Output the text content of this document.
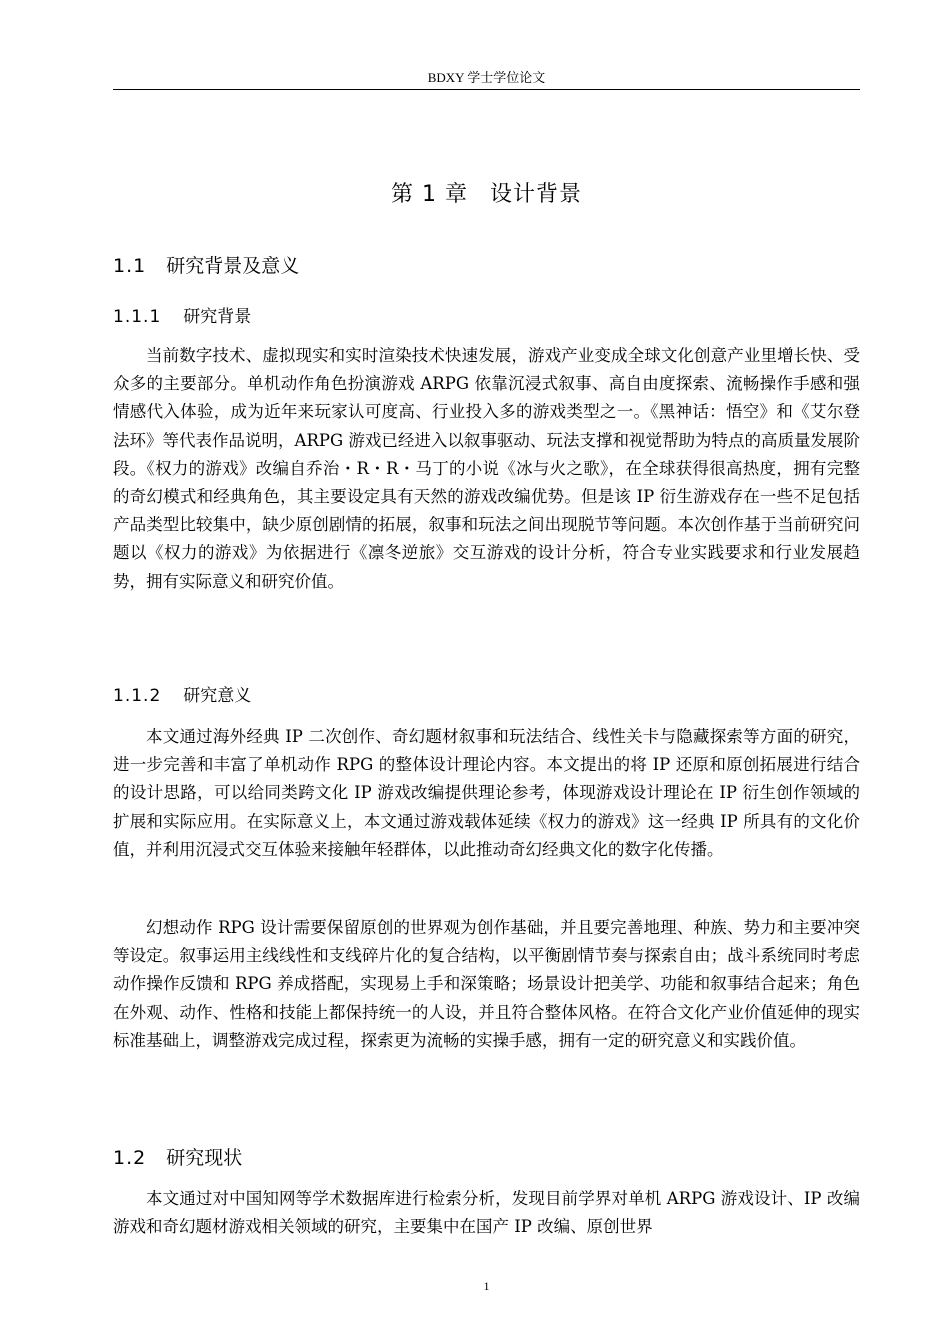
BDXY 学士学位论文
第 1 章 设计背景
1.1 研究背景及意义
1.1.1 研究背景

当前数字技术、虚拟现实和实时渲染技术快速发展，游戏产业变成全球文化创意产业里增长快、受众多的主要部分。单机动作角色扮演游戏 ARPG 依靠沉浸式叙事、高自由度探索、流畅操作手感和强情感代入体验，成为近年来玩家认可度高、行业投入多的游戏类型之一。《黑神话：悟空》和《艾尔登法环》等代表作品说明，ARPG 游戏已经进入以叙事驱动、玩法支撑和视觉帮助为特点的高质量发展阶段。《权力的游戏》改编自乔治・R・R・马丁的小说《冰与火之歌》，在全球获得很高热度，拥有完整的奇幻模式和经典角色，其主要设定具有天然的游戏改编优势。但是该 IP 衍生游戏存在一些不足包括产品类型比较集中，缺少原创剧情的拓展，叙事和玩法之间出现脱节等问题。本次创作基于当前研究问题以《权力的游戏》为依据进行《凛冬逆旅》交互游戏的设计分析，符合专业实践要求和行业发展趋势，拥有实际意义和研究价值。

1.1.2 研究意义

本文通过海外经典 IP 二次创作、奇幻题材叙事和玩法结合、线性关卡与隐藏探索等方面的研究，进一步完善和丰富了单机动作 RPG 的整体设计理论内容。本文提出的将 IP 还原和原创拓展进行结合的设计思路，可以给同类跨文化 IP 游戏改编提供理论参考，体现游戏设计理论在 IP 衍生创作领域的扩展和实际应用。在实际意义上，本文通过游戏载体延续《权力的游戏》这一经典 IP 所具有的文化价值，并利用沉浸式交互体验来接触年轻群体，以此推动奇幻经典文化的数字化传播。

幻想动作 RPG 设计需要保留原创的世界观为创作基础，并且要完善地理、种族、势力和主要冲突等设定。叙事运用主线线性和支线碎片化的复合结构，以平衡剧情节奏与探索自由；战斗系统同时考虑动作操作反馈和 RPG 养成搭配，实现易上手和深策略；场景设计把美学、功能和叙事结合起来；角色在外观、动作、性格和技能上都保持统一的人设，并且符合整体风格。在符合文化产业价值延伸的现实标准基础上，调整游戏完成过程，探索更为流畅的实操手感，拥有一定的研究意义和实践价值。

1.2 研究现状

本文通过对中国知网等学术数据库进行检索分析，发现目前学界对单机 ARPG 游戏设计、IP 改编游戏和奇幻题材游戏相关领域的研究，主要集中在国产 IP 改编、原创世界

1
